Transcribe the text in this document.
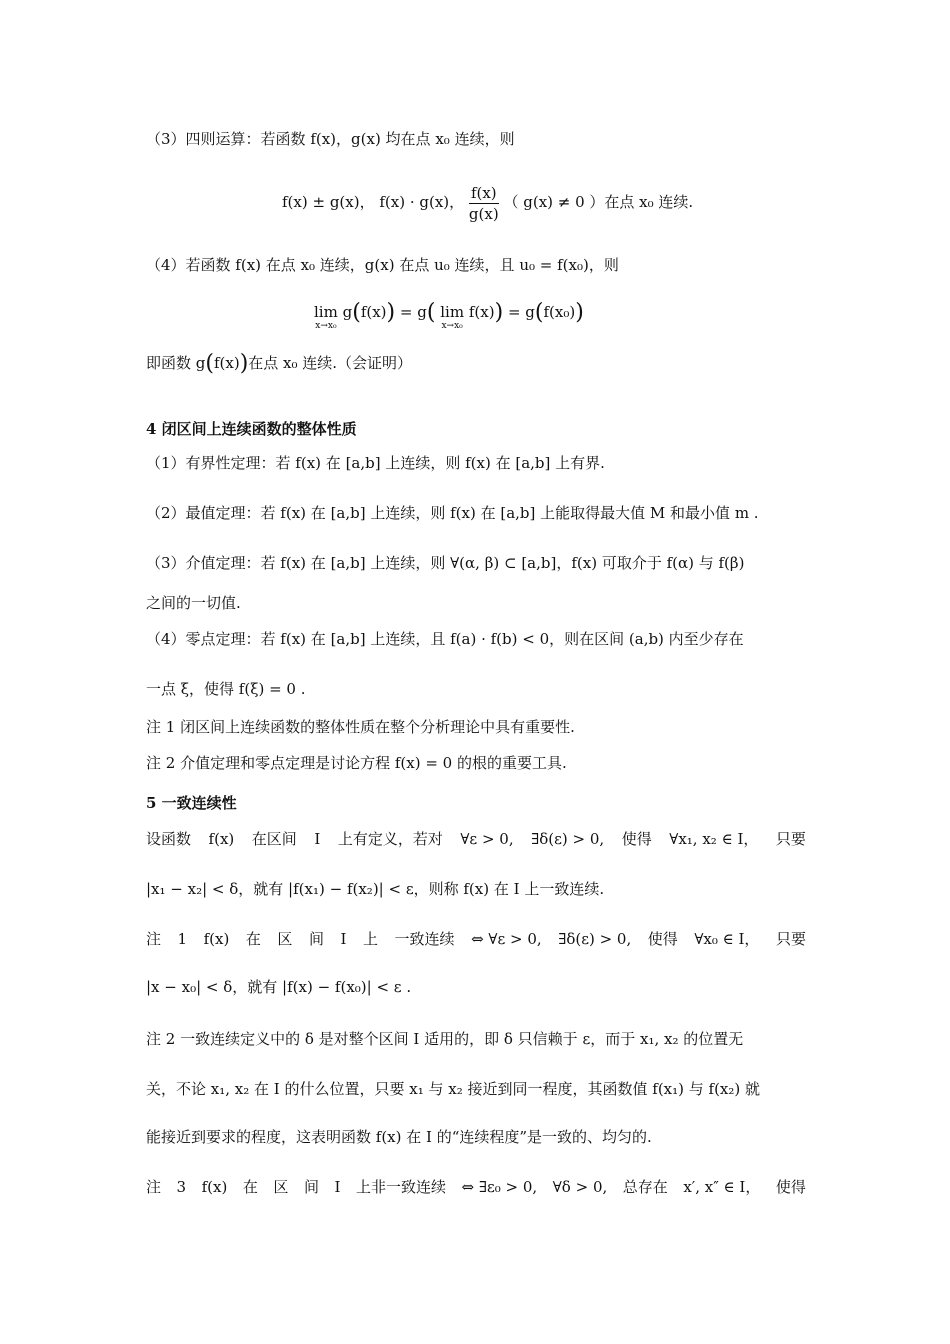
（3）四则运算：若函数 f(x)，g(x) 均在点 x₀ 连续，则
f(x) ± g(x)， f(x) · g(x)， $\frac{f(x)}{g(x)}$ （ g(x) ≠ 0 ）在点 x₀ 连续.
（4）若函数 f(x) 在点 x₀ 连续，g(x) 在点 u₀ 连续，且 u₀ = f(x₀)，则
lim
x→x₀
g(f(x)) = g( lim
x→x₀
f(x)) = g(f(x₀))
即函数 g(f(x))在点 x₀ 连续.（会证明）
4 闭区间上连续函数的整体性质
（1）有界性定理：若 f(x) 在 [a,b] 上连续，则 f(x) 在 [a,b] 上有界.
（2）最值定理：若 f(x) 在 [a,b] 上连续，则 f(x) 在 [a,b] 上能取得最大值 M 和最小值 m .
（3）介值定理：若 f(x) 在 [a,b] 上连续，则 ∀(α, β) ⊂ [a,b]，f(x) 可取介于 f(α) 与 f(β)
之间的一切值.
（4）零点定理：若 f(x) 在 [a,b] 上连续，且 f(a) · f(b) < 0，则在区间 (a,b) 内至少存在
一点 ξ，使得 f(ξ) = 0 .
注 1 闭区间上连续函数的整体性质在整个分析理论中具有重要性.
注 2 介值定理和零点定理是讨论方程 f(x) = 0 的根的重要工具.
5 一致连续性
设函数 f(x) 在区间 I 上有定义，若对 ∀ε > 0, ∃δ(ε) > 0, 使得 ∀x₁, x₂ ∈ I， 只要
|x₁ − x₂| < δ，就有 |f(x₁) − f(x₂)| < ε，则称 f(x) 在 I 上一致连续.
注 1 f(x) 在 区 间 I 上 一致连续 ⇔ ∀ε > 0, ∃δ(ε) > 0, 使得 ∀x₀ ∈ I， 只要
|x − x₀| < δ，就有 |f(x) − f(x₀)| < ε .
注 2 一致连续定义中的 δ 是对整个区间 I 适用的，即 δ 只信赖于 ε，而于 x₁, x₂ 的位置无
关，不论 x₁, x₂ 在 I 的什么位置，只要 x₁ 与 x₂ 接近到同一程度，其函数值 f(x₁) 与 f(x₂) 就
能接近到要求的程度，这表明函数 f(x) 在 I 的“连续程度”是一致的、均匀的.
注 3 f(x) 在 区 间 I 上非一致连续 ⇔ ∃ε₀ > 0, ∀δ > 0, 总存在 x′, x″ ∈ I， 使得
